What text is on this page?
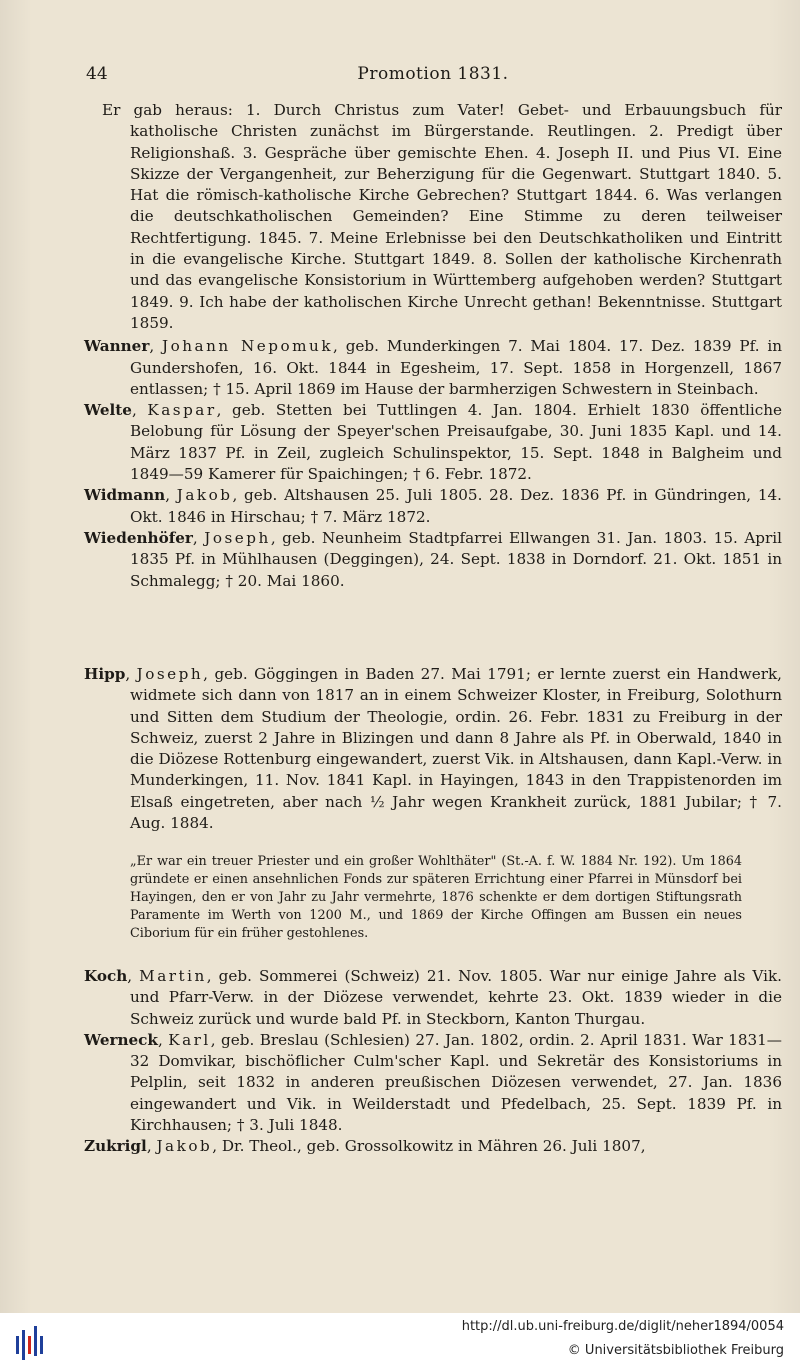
44	Promotion 1831.

Er gab heraus: 1. Durch Christus zum Vater! Gebet- und Erbauungsbuch für katholische Christen zunächst im Bürgerstande. Reutlingen. 2. Predigt über Religionshaß. 3. Gespräche über gemischte Ehen. 4. Joseph II. und Pius VI. Eine Skizze der Vergangenheit, zur Beherzigung für die Gegenwart. Stuttgart 1840. 5. Hat die römisch-katholische Kirche Gebrechen? Stuttgart 1844. 6. Was verlangen die deutschkatholischen Gemeinden? Eine Stimme zu deren teilweiser Rechtfertigung. 1845. 7. Meine Erlebnisse bei den Deutschkatholiken und Eintritt in die evangelische Kirche. Stuttgart 1849. 8. Sollen der katholische Kirchenrath und das evangelische Konsistorium in Württemberg aufgehoben werden? Stuttgart 1849. 9. Ich habe der katholischen Kirche Unrecht gethan! Bekenntnisse. Stuttgart 1859.

Wanner, Johann Nepomuk, geb. Munderkingen 7. Mai 1804. 17. Dez. 1839 Pf. in Gundershofen, 16. Okt. 1844 in Egesheim, 17. Sept. 1858 in Horgenzell, 1867 entlassen; † 15. April 1869 im Hause der barmherzigen Schwestern in Steinbach.

Welte, Kaspar, geb. Stetten bei Tuttlingen 4. Jan. 1804. Erhielt 1830 öffentliche Belobung für Lösung der Speyer'schen Preisaufgabe, 30. Juni 1835 Kapl. und 14. März 1837 Pf. in Zeil, zugleich Schulinspektor, 15. Sept. 1848 in Balgheim und 1849—59 Kamerer für Spaichingen; † 6. Febr. 1872.

Widmann, Jakob, geb. Altshausen 25. Juli 1805. 28. Dez. 1836 Pf. in Gündringen, 14. Okt. 1846 in Hirschau; † 7. März 1872.

Wiedenhöfer, Joseph, geb. Neunheim Stadtpfarrei Ellwangen 31. Jan. 1803. 15. April 1835 Pf. in Mühlhausen (Deggingen), 24. Sept. 1838 in Dorndorf. 21. Okt. 1851 in Schmalegg; † 20. Mai 1860.

Hipp, Joseph, geb. Göggingen in Baden 27. Mai 1791; er lernte zuerst ein Handwerk, widmete sich dann von 1817 an in einem Schweizer Kloster, in Freiburg, Solothurn und Sitten dem Studium der Theologie, ordin. 26. Febr. 1831 zu Freiburg in der Schweiz, zuerst 2 Jahre in Blizingen und dann 8 Jahre als Pf. in Oberwald, 1840 in die Diözese Rottenburg eingewandert, zuerst Vik. in Altshausen, dann Kapl.-Verw. in Munderkingen, 11. Nov. 1841 Kapl. in Hayingen, 1843 in den Trappistenorden im Elsaß eingetreten, aber nach ½ Jahr wegen Krankheit zurück, 1881 Jubilar; † 7. Aug. 1884.

„Er war ein treuer Priester und ein großer Wohlthäter" (St.-A. f. W. 1884 Nr. 192). Um 1864 gründete er einen ansehnlichen Fonds zur späteren Errichtung einer Pfarrei in Münsdorf bei Hayingen, den er von Jahr zu Jahr vermehrte, 1876 schenkte er dem dortigen Stiftungsrath Paramente im Werth von 1200 M., und 1869 der Kirche Offingen am Bussen ein neues Ciborium für ein früher gestohlenes.

Koch, Martin, geb. Sommerei (Schweiz) 21. Nov. 1805. War nur einige Jahre als Vik. und Pfarr-Verw. in der Diözese verwendet, kehrte 23. Okt. 1839 wieder in die Schweiz zurück und wurde bald Pf. in Steckborn, Kanton Thurgau.

Werneck, Karl, geb. Breslau (Schlesien) 27. Jan. 1802, ordin. 2. April 1831. War 1831—32 Domvikar, bischöflicher Culm'scher Kapl. und Sekretär des Konsistoriums in Pelplin, seit 1832 in anderen preußischen Diözesen verwendet, 27. Jan. 1836 eingewandert und Vik. in Weilderstadt und Pfedelbach, 25. Sept. 1839 Pf. in Kirchhausen; † 3. Juli 1848.

Zukrigl, Jakob, Dr. Theol., geb. Grossolkowitz in Mähren 26. Juli 1807,

http://dl.ub.uni-freiburg.de/diglit/neher1894/0054
© Universitätsbibliothek Freiburg
